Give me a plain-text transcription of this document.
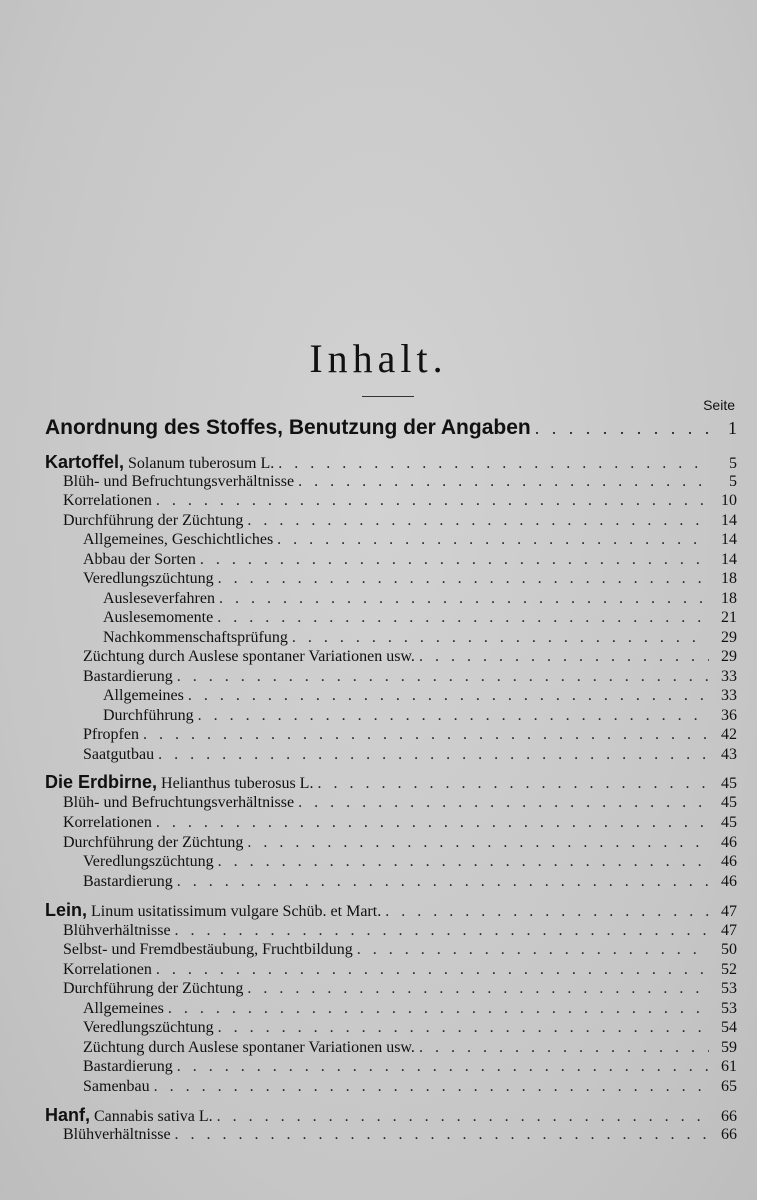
Inhalt.
Seite
Anordnung des Stoffes, Benutzung der Angaben . . .	1
Kartoffel, Solanum tuberosum L. . . .	5
Blüh- und Befruchtungsverhältnisse . . .	5
Korrelationen . . .	10
Durchführung der Züchtung . . .	14
Allgemeines, Geschichtliches . . .	14
Abbau der Sorten . . .	14
Veredlungszüchtung . . .	18
Ausleseverfahren . . .	18
Auslesemomente . . .	21
Nachkommenschaftsprüfung . . .	29
Züchtung durch Auslese spontaner Variationen usw. . . .	29
Bastardierung . . .	33
Allgemeines . . .	33
Durchführung . . .	36
Pfropfen . . .	42
Saatgutbau . . .	43
Die Erdbirne, Helianthus tuberosus L. . . .	45
Blüh- und Befruchtungsverhältnisse . . .	45
Korrelationen . . .	45
Durchführung der Züchtung . . .	46
Veredlungszüchtung . . .	46
Bastardierung . . .	46
Lein, Linum usitatissimum vulgare Schüb. et Mart. . . .	47
Blühverhältnisse . . .	47
Selbst- und Fremdbestäubung, Fruchtbildung . . .	50
Korrelationen . . .	52
Durchführung der Züchtung . . .	53
Allgemeines . . .	53
Veredlungszüchtung . . .	54
Züchtung durch Auslese spontaner Variationen usw. . . .	59
Bastardierung . . .	61
Samenbau . . .	65
Hanf, Cannabis sativa L. . . .	66
Blühverhältnisse . . .	66
